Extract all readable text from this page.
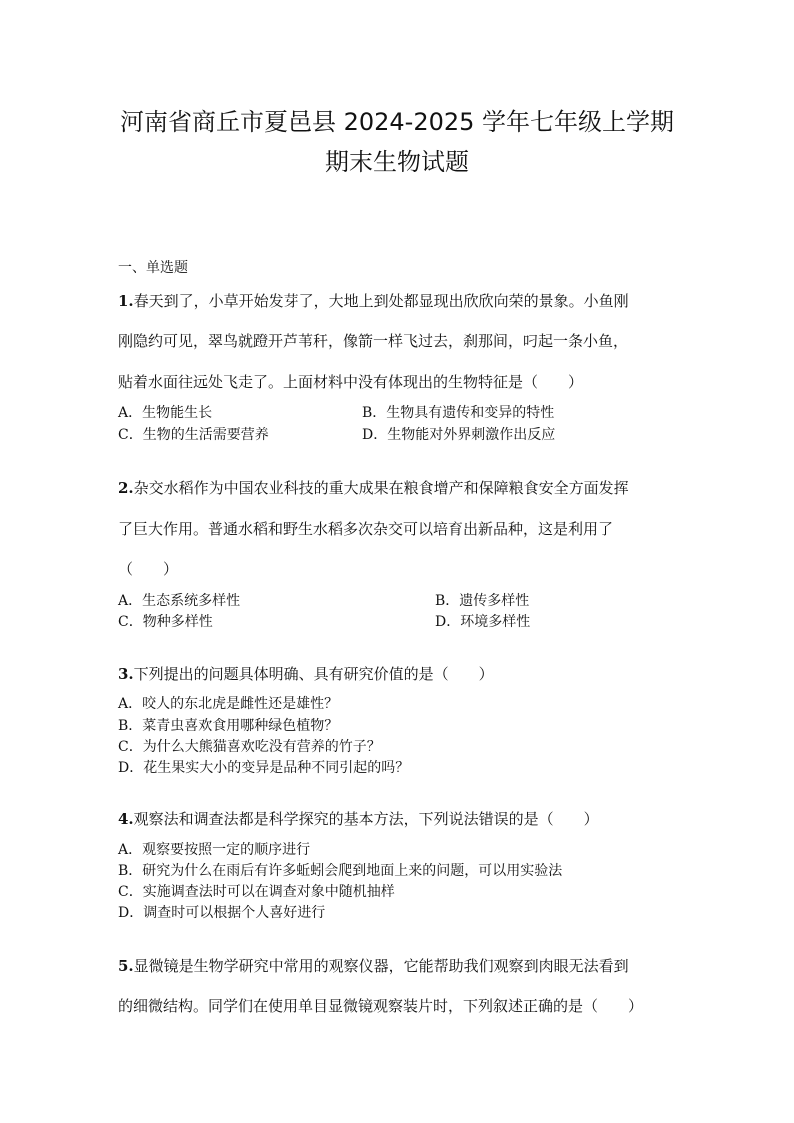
河南省商丘市夏邑县 2024-2025 学年七年级上学期
期末生物试题
一、单选题
1.春天到了，小草开始发芽了，大地上到处都显现出欣欣向荣的景象。小鱼刚
刚隐约可见，翠鸟就蹬开芦苇秆，像箭一样飞过去，刹那间，叼起一条小鱼，
贴着水面往远处飞走了。上面材料中没有体现出的生物特征是（　　）
A．生物能生长	B．生物具有遗传和变异的特性
C．生物的生活需要营养	D．生物能对外界刺激作出反应
2.杂交水稻作为中国农业科技的重大成果在粮食增产和保障粮食安全方面发挥
了巨大作用。普通水稻和野生水稻多次杂交可以培育出新品种，这是利用了
（　　）
A．生态系统多样性	B．遗传多样性
C．物种多样性	D．环境多样性
3.下列提出的问题具体明确、具有研究价值的是（　　）
A．咬人的东北虎是雌性还是雄性？
B．菜青虫喜欢食用哪种绿色植物？
C．为什么大熊猫喜欢吃没有营养的竹子？
D．花生果实大小的变异是品种不同引起的吗？
4.观察法和调查法都是科学探究的基本方法，下列说法错误的是（　　）
A．观察要按照一定的顺序进行
B．研究为什么在雨后有许多蚯蚓会爬到地面上来的问题，可以用实验法
C．实施调查法时可以在调查对象中随机抽样
D．调查时可以根据个人喜好进行
5.显微镜是生物学研究中常用的观察仪器，它能帮助我们观察到肉眼无法看到
的细微结构。同学们在使用单目显微镜观察装片时，下列叙述正确的是（　　）
